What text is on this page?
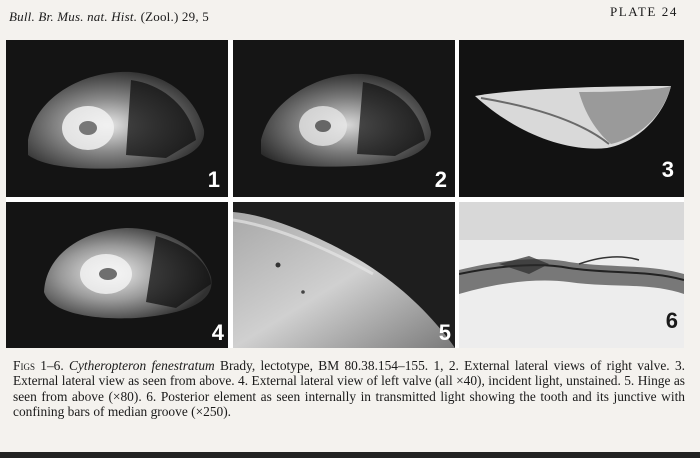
Bull. Br. Mus. nat. Hist. (Zool.) 29, 5	PLATE 24
1	2	3
4	5	6
Figs 1–6. Cytheropteron fenestratum Brady, lectotype, BM 80.38.154–155. 1, 2. External lateral views of right valve. 3. External lateral view as seen from above. 4. External lateral view of left valve (all ×40), incident light, unstained. 5. Hinge as seen from above (×80). 6. Posterior element as seen internally in transmitted light showing the tooth and its junctive with confining bars of median groove (×250).
